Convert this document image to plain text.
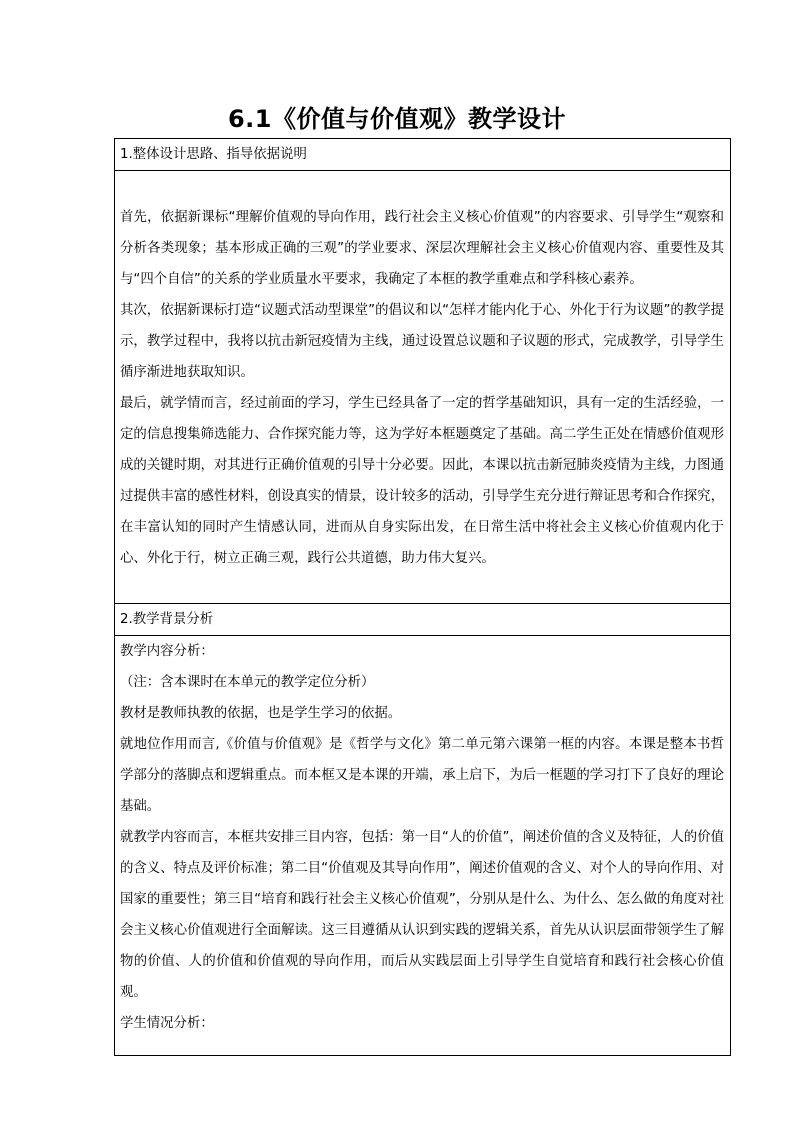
6.1《价值与价值观》教学设计
1.整体设计思路、指导依据说明

首先，依据新课标“理解价值观的导向作用，践行社会主义核心价值观”的内容要求、引导学生“观察和分析各类现象；基本形成正确的三观”的学业要求、深层次理解社会主义核心价值观内容、重要性及其与“四个自信”的关系的学业质量水平要求，我确定了本框的教学重难点和学科核心素养。

其次，依据新课标打造“议题式活动型课堂”的倡议和以“怎样才能内化于心、外化于行为议题”的教学提示，教学过程中，我将以抗击新冠疫情为主线，通过设置总议题和子议题的形式，完成教学，引导学生循序渐进地获取知识。

最后，就学情而言，经过前面的学习，学生已经具备了一定的哲学基础知识，具有一定的生活经验，一定的信息搜集筛选能力、合作探究能力等，这为学好本框题奠定了基础。高二学生正处在情感价值观形成的关键时期，对其进行正确价值观的引导十分必要。因此，本课以抗击新冠肺炎疫情为主线，力图通过提供丰富的感性材料，创设真实的情景，设计较多的活动，引导学生充分进行辩证思考和合作探究，在丰富认知的同时产生情感认同，进而从自身实际出发，在日常生活中将社会主义核心价值观内化于心、外化于行，树立正确三观，践行公共道德，助力伟大复兴。

2.教学背景分析

教学内容分析：

（注：含本课时在本单元的教学定位分析）

教材是教师执教的依据，也是学生学习的依据。

就地位作用而言,《价值与价值观》是《哲学与文化》第二单元第六课第一框的内容。本课是整本书哲学部分的落脚点和逻辑重点。而本框又是本课的开端，承上启下，为后一框题的学习打下了良好的理论基础。

就教学内容而言，本框共安排三目内容，包括：第一目“人的价值”，阐述价值的含义及特征，人的价值的含义、特点及评价标准；第二目“价值观及其导向作用”，阐述价值观的含义、对个人的导向作用、对国家的重要性；第三目“培育和践行社会主义核心价值观”，分别从是什么、为什么、怎么做的角度对社会主义核心价值观进行全面解读。这三目遵循从认识到实践的逻辑关系，首先从认识层面带领学生了解物的价值、人的价值和价值观的导向作用，而后从实践层面上引导学生自觉培育和践行社会核心价值观。

学生情况分析：
